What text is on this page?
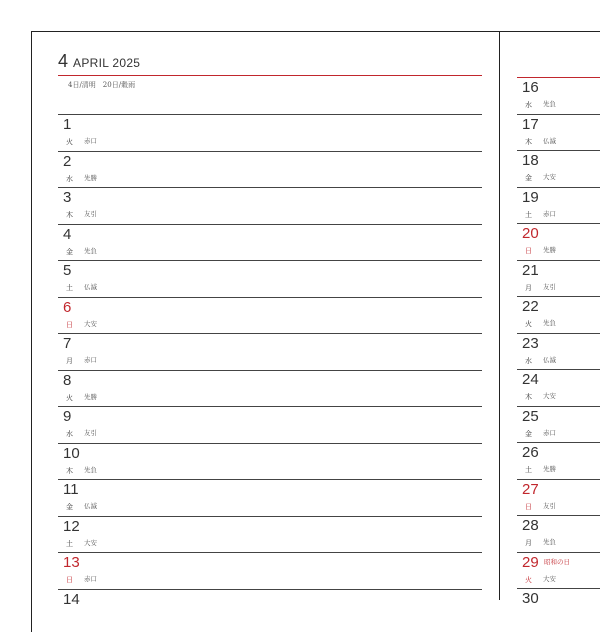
4 APRIL 2025
4日/清明　20日/穀雨
1
火 赤口
2
水 先勝
3
木 友引
4
金 先負
5
土 仏滅
6
日 大安
7
月 赤口
8
火 先勝
9
水 友引
10
木 先負
11
金 仏滅
12
土 大安
13
日 赤口
14
16
水 先負
17
木 仏滅
18
金 大安
19
土 赤口
20
日 先勝
21
月 友引
22
火 先負
23
水 仏滅
24
木 大安
25
金 赤口
26
土 先勝
27
日 友引
28
月 先負
29 昭和の日
火 大安
30
